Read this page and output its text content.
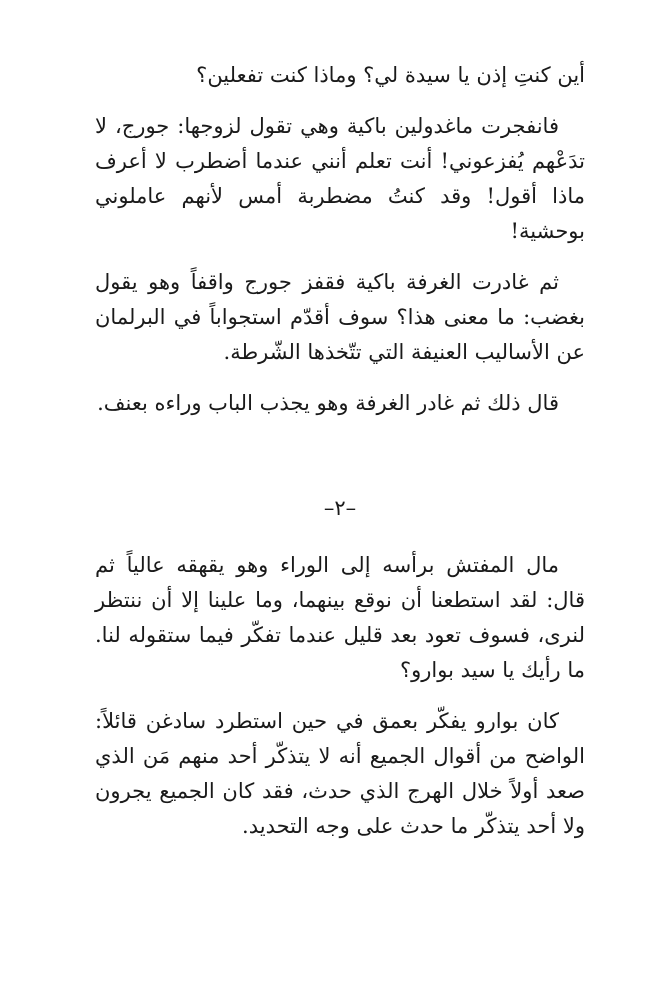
أين كنتِ إذن يا سيدة لي؟ وماذا كنت تفعلين؟

فانفجرت ماغدولين باكية وهي تقول لزوجها: جورج، لا تدَعْهم يُفزعوني! أنت تعلم أنني عندما أضطرب لا أعرف ماذا أقول! وقد كنتُ مضطربة أمس لأنهم عاملوني بوحشية!

ثم غادرت الغرفة باكية فقفز جورج واقفاً وهو يقول بغضب: ما معنى هذا؟ سوف أقدّم استجواباً في البرلمان عن الأساليب العنيفة التي تتّخذها الشّرطة.

قال ذلك ثم غادر الغرفة وهو يجذب الباب وراءه بعنف.

–٢–

مال المفتش برأسه إلى الوراء وهو يقهقه عالياً ثم قال: لقد استطعنا أن نوقع بينهما، وما علينا إلا أن ننتظر لنرى، فسوف تعود بعد قليل عندما تفكّر فيما ستقوله لنا. ما رأيك يا سيد بوارو؟

كان بوارو يفكّر بعمق في حين استطرد سادغن قائلاً: الواضح من أقوال الجميع أنه لا يتذكّر أحد منهم مَن الذي صعد أولاً خلال الهرج الذي حدث، فقد كان الجميع يجرون ولا أحد يتذكّر ما حدث على وجه التحديد.
